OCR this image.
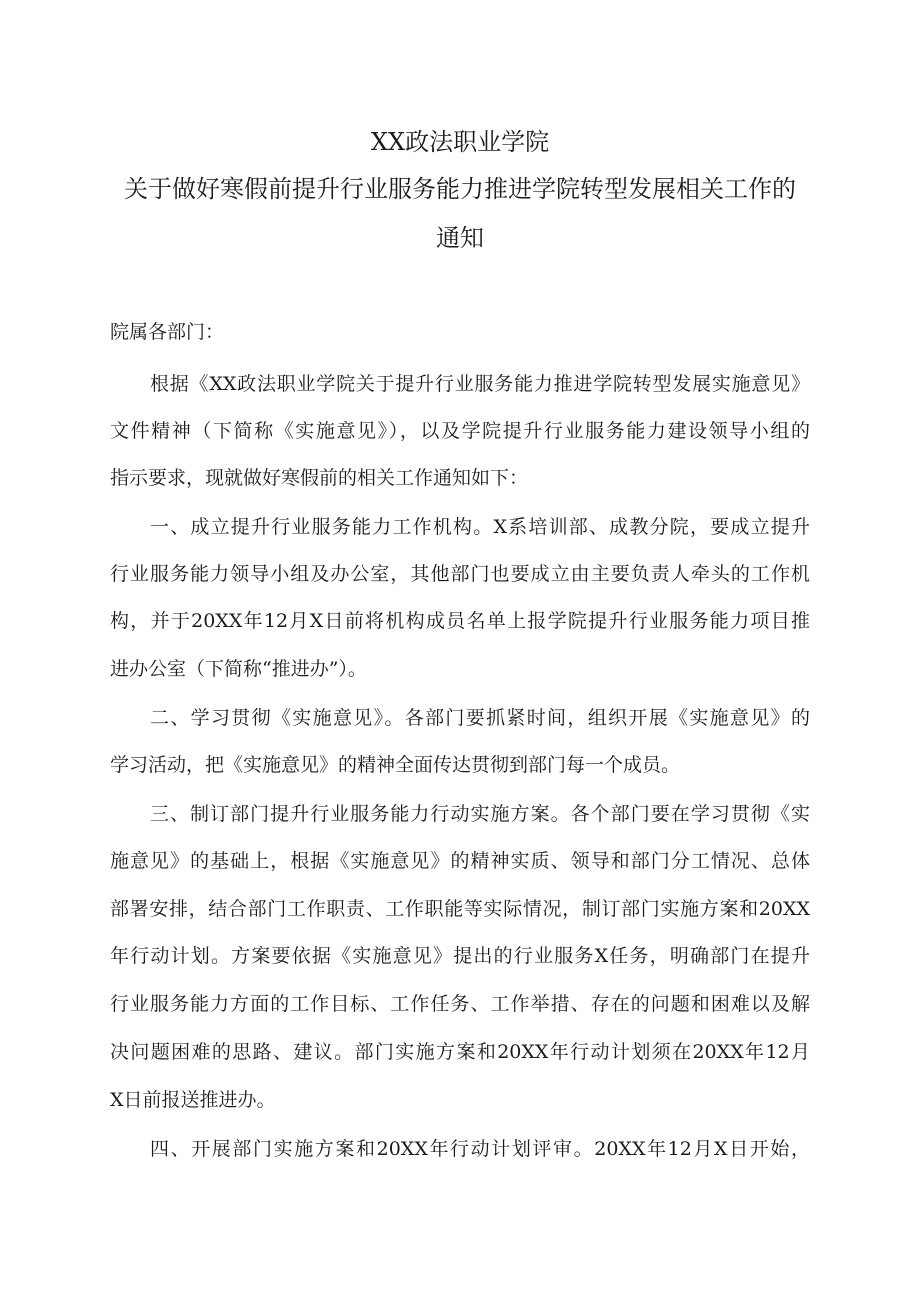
XX政法职业学院
关于做好寒假前提升行业服务能力推进学院转型发展相关工作的
通知
院属各部门：
根据《XX政法职业学院关于提升行业服务能力推进学院转型发展实施意见》
文件精神（下简称《实施意见》），以及学院提升行业服务能力建设领导小组的
指示要求，现就做好寒假前的相关工作通知如下：
一、成立提升行业服务能力工作机构。X系培训部、成教分院，要成立提升
行业服务能力领导小组及办公室，其他部门也要成立由主要负责人牵头的工作机
构，并于20XX年12月X日前将机构成员名单上报学院提升行业服务能力项目推
进办公室（下简称“推进办”）。
二、学习贯彻《实施意见》。各部门要抓紧时间，组织开展《实施意见》的
学习活动，把《实施意见》的精神全面传达贯彻到部门每一个成员。
三、制订部门提升行业服务能力行动实施方案。各个部门要在学习贯彻《实
施意见》的基础上，根据《实施意见》的精神实质、领导和部门分工情况、总体
部署安排，结合部门工作职责、工作职能等实际情况，制订部门实施方案和20XX
年行动计划。方案要依据《实施意见》提出的行业服务X任务，明确部门在提升
行业服务能力方面的工作目标、工作任务、工作举措、存在的问题和困难以及解
决问题困难的思路、建议。部门实施方案和20XX年行动计划须在20XX年12月
X日前报送推进办。
四、开展部门实施方案和20XX年行动计划评审。20XX年12月X日开始，
